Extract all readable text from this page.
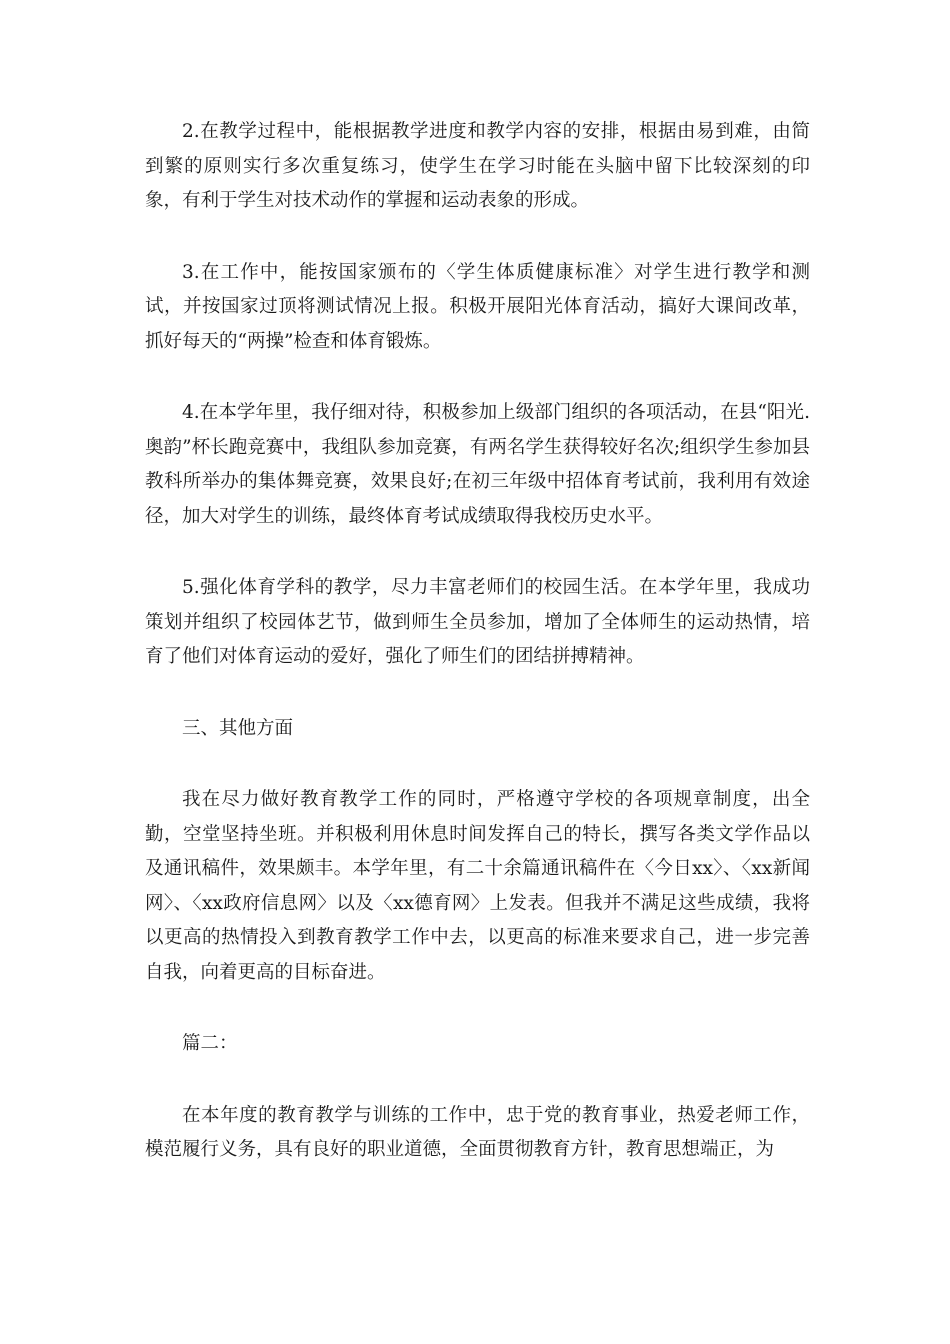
2.在教学过程中，能根据教学进度和教学内容的安排，根据由易到难，由简到繁的原则实行多次重复练习，使学生在学习时能在头脑中留下比较深刻的印象，有利于学生对技术动作的掌握和运动表象的形成。

3.在工作中，能按国家颁布的〈学生体质健康标准〉对学生进行教学和测试，并按国家过顶将测试情况上报。积极开展阳光体育活动，搞好大课间改革，抓好每天的“两操”检查和体育锻炼。

4.在本学年里，我仔细对待，积极参加上级部门组织的各项活动，在县“阳光.奥韵”杯长跑竞赛中，我组队参加竞赛，有两名学生获得较好名次;组织学生参加县教科所举办的集体舞竞赛，效果良好;在初三年级中招体育考试前，我利用有效途径，加大对学生的训练，最终体育考试成绩取得我校历史水平。

5.强化体育学科的教学，尽力丰富老师们的校园生活。在本学年里，我成功策划并组织了校园体艺节，做到师生全员参加，增加了全体师生的运动热情，培育了他们对体育运动的爱好，强化了师生们的团结拼搏精神。

三、其他方面

我在尽力做好教育教学工作的同时，严格遵守学校的各项规章制度，出全勤，空堂坚持坐班。并积极利用休息时间发挥自己的特长，撰写各类文学作品以及通讯稿件，效果颇丰。本学年里，有二十余篇通讯稿件在〈今日xx〉、〈xx新闻网〉、〈xx政府信息网〉以及〈xx德育网〉上发表。但我并不满足这些成绩，我将以更高的热情投入到教育教学工作中去，以更高的标准来要求自己，进一步完善自我，向着更高的目标奋进。

篇二：

在本年度的教育教学与训练的工作中，忠于党的教育事业，热爱老师工作，模范履行义务，具有良好的职业道德，全面贯彻教育方针，教育思想端正，为
